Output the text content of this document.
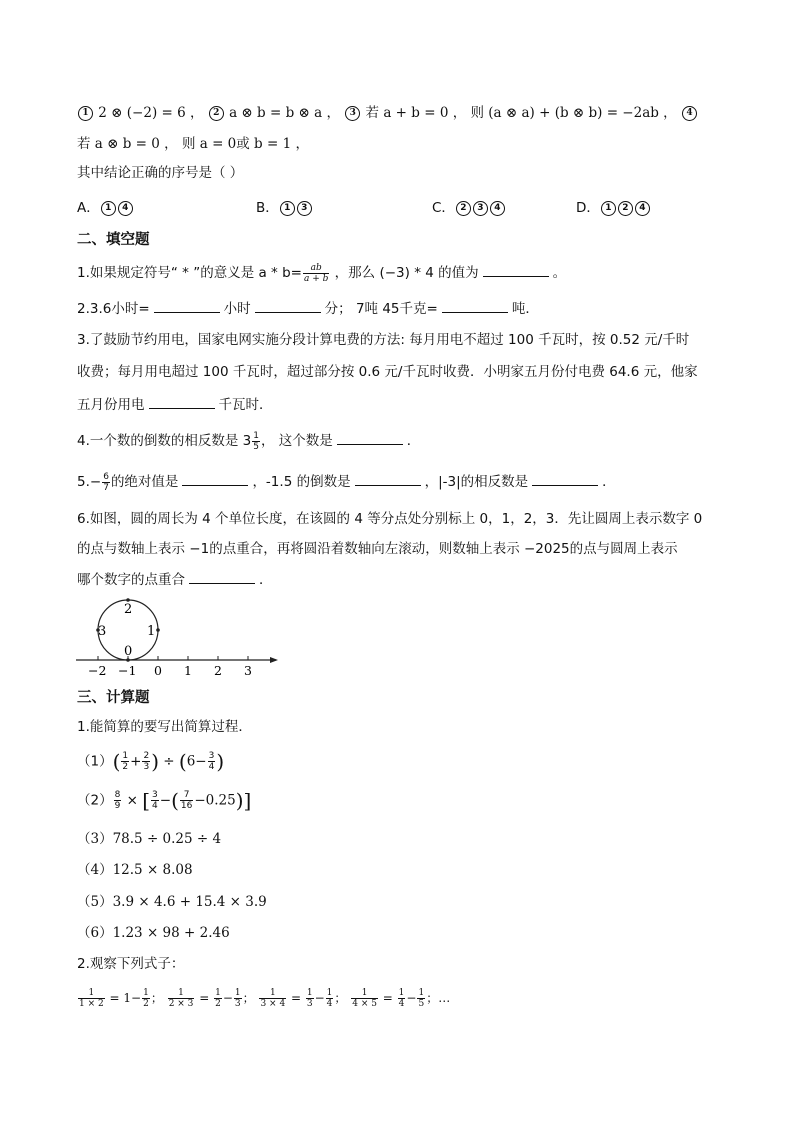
1 2 ⊗ (−2) = 6 ， 2 a ⊗ b = b ⊗ a ， 3 若 a + b = 0 ， 则 (a ⊗ a) + (b ⊗ b) = −2ab ， 4
若 a ⊗ b = 0 ， 则 a = 0或 b = 1 ，
其中结论正确的序号是（ ）
A． 1 4	B． 1 3	C． 2 3 4	D． 1 2 4
二、填空题
1.如果规定符号“ * ”的意义是 $a * b= \frac{ab}{a + b}$ ，那么 (−3) * 4 的值为	。
2.3.6小时=	小时	分； 7吨 45千克=	吨．
3.了鼓励节约用电，国家电网实施分段计算电费的方法: 每月用电不超过 100 千瓦时，按 0.52 元/千时
收费；每月用电超过 100 千瓦时，超过部分按 0.6 元/千瓦时收费．小明家五月份付电费 64.6 元，他家
五月份用电	千瓦时．
4.一个数的倒数的相反数是 $3 \frac{1}{5}$ ， 这个数是	．
$5.- \frac{6}{7}$ 的绝对值是	，-1.5 的倒数是	，|-3|的相反数是	．
6.如图，圆的周长为 4 个单位长度，在该圆的 4 等分点处分别标上 0，1，2，3．先让圆周上表示数字 0
的点与数轴上表示 −1的点重合，再将圆沿着数轴向左滚动，则数轴上表示 −2025的点与圆周上表示
哪个数字的点重合	．
2
3	1
0
−2 −1 0 1 2 3
三、计算题
1.能简算的要写出简算过程．
$(1)( \frac{1}{2} + \frac{2}{3}$ ) ÷ ($6- \frac{3}{4}$ )
$(2) \frac{8}{9}$ × [ $\frac{3}{4}$ −( $\frac{7}{16} -0.25$)]
（3）78.5 ÷ 0.25 ÷ 4
（4）12.5 × 8.08
（5）3.9 × 4.6 + 15.4 × 3.9
（6）1.23 × 98 + 2.46
2.观察下列式子：
$\frac{1}{1 \times 2} = 1- \frac{1}{2}$ ； $\frac{1}{2 \times 3} = \frac{1}{2} - \frac{1}{3}$ ； $\frac{1}{3 \times 4} = \frac{1}{3} - \frac{1}{4}$ ； $\frac{1}{4 \times 5} = \frac{1}{4} - \frac{1}{5}$ ；…
